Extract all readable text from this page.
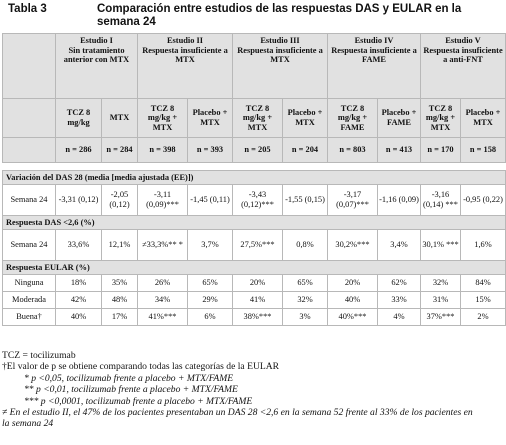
Tabla 3	Comparación entre estudios de las respuestas DAS y EULAR en la semana 24
	Estudio I
Sin tratamiento anterior con MTX		Estudio II
Respuesta insuficiente a MTX		Estudio III
Respuesta insuficiente a MTX		Estudio IV
Respuesta insuficiente a FAME		Estudio V
Respuesta insuficiente a anti-FNT	
	TCZ 8 mg/kg	MTX	TCZ 8 mg/kg + MTX	Placebo + MTX	TCZ 8 mg/kg + MTX	Placebo + MTX	TCZ 8 mg/kg + FAME	Placebo + FAME	TCZ 8 mg/kg + MTX	Placebo + MTX
	n = 286	n = 284	n = 398	n = 393	n = 205	n = 204	n = 803	n = 413	n = 170	n = 158

Variación del DAS 28 (media [media ajustada (EE)])										
Semana 24	-3,31 (0,12)	-2,05 (0,12)	-3,11 (0,09)***	-1,45 (0,11)	-3,43 (0,12)***	-1,55 (0,15)	-3,17 (0,07)***	-1,16 (0,09)	-3,16 (0,14) ***	-0,95 (0,22)
Respuesta DAS <2,6 (%)										
Semana 24	33,6%	12,1%	≠33,3%** *	3,7%	27,5%***	0,8%	30,2%***	3,4%	30,1% ***	1,6%
Respuesta EULAR (%)										
Ninguna	18%	35%	26%	65%	20%	65%	20%	62%	32%	84%
Moderada	42%	48%	34%	29%	41%	32%	40%	33%	31%	15%
Buena†	40%	17%	41%***	6%	38%***	3%	40%***	4%	37%***	2%
TCZ = tocilizumab
†El valor de p se obtiene comparando todas las categorías de la EULAR
* p <0,05, tocilizumab frente a placebo + MTX/FAME
** p <0,01, tocilizumab frente a placebo + MTX/FAME
*** p <0,0001, tocilizumab frente a placebo + MTX/FAME
≠ En el estudio II, el 47% de los pacientes presentaban un DAS 28 <2,6 en la semana 52 frente al 33% de los pacientes en la semana 24
